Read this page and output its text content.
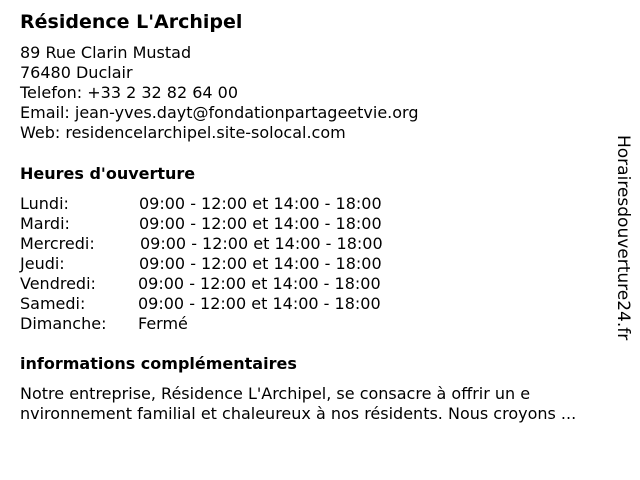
Résidence L'Archipel
89 Rue Clarin Mustad
76480 Duclair
Telefon: +33 2 32 82 64 00
Email: jean-yves.dayt@fondationpartageetvie.org
Web: residencelarchipel.site-solocal.com
Heures d'ouverture
Lundi:	09:00 - 12:00 et 14:00 - 18:00
Mardi:	09:00 - 12:00 et 14:00 - 18:00
Mercredi:	09:00 - 12:00 et 14:00 - 18:00
Jeudi:	09:00 - 12:00 et 14:00 - 18:00
Vendredi:	09:00 - 12:00 et 14:00 - 18:00
Samedi:	09:00 - 12:00 et 14:00 - 18:00
Dimanche: Fermé
informations complémentaires
Notre entreprise, Résidence L'Archipel, se consacre à offrir un e
nvironnement familial et chaleureux à nos résidents. Nous croyons ...
Horairesdouverture24.fr
